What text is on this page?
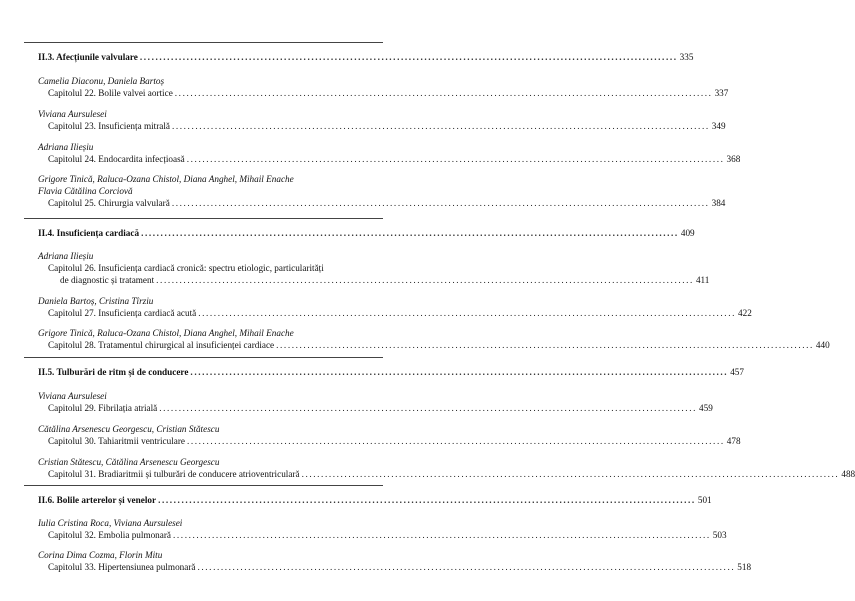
II.3. Afecțiunile valvulare .......................................................................................................................................... 335
Camelia Diaconu, Daniela Bartoș
Capitolul 22. Bolile valvei aortice .......................................................................................................................................... 337
Viviana Aursulesei
Capitolul 23. Insuficiența mitrală .......................................................................................................................................... 349
Adriana Ilieșiu
Capitolul 24. Endocardita infecțioasă .......................................................................................................................................... 368
Grigore Tinică, Raluca-Ozana Chistol, Diana Anghel, Mihail Enache
Flavia Cătălina Corciovă
Capitolul 25. Chirurgia valvulară .......................................................................................................................................... 384
II.4. Insuficiența cardiacă .......................................................................................................................................... 409
Adriana Ilieșiu
Capitolul 26. Insuficiența cardiacă cronică: spectru etiologic, particularități
de diagnostic și tratament .......................................................................................................................................... 411
Daniela Bartoș, Cristina Tîrziu
Capitolul 27. Insuficiența cardiacă acută .......................................................................................................................................... 422
Grigore Tinică, Raluca-Ozana Chistol, Diana Anghel, Mihail Enache
Capitolul 28. Tratamentul chirurgical al insuficienței cardiace .......................................................................................................................................... 440
II.5. Tulburări de ritm și de conducere .......................................................................................................................................... 457
Viviana Aursulesei
Capitolul 29. Fibrilația atrială .......................................................................................................................................... 459
Cătălina Arsenescu Georgescu, Cristian Stătescu
Capitolul 30. Tahiaritmii ventriculare .......................................................................................................................................... 478
Cristian Stătescu, Cătălina Arsenescu Georgescu
Capitolul 31. Bradiaritmii și tulburări de conducere atrioventriculară .......................................................................................................................................... 488
II.6. Bolile arterelor și venelor .......................................................................................................................................... 501
Iulia Cristina Roca, Viviana Aursulesei
Capitolul 32. Embolia pulmonară .......................................................................................................................................... 503
Corina Dima Cozma, Florin Mitu
Capitolul 33. Hipertensiunea pulmonară .......................................................................................................................................... 518
